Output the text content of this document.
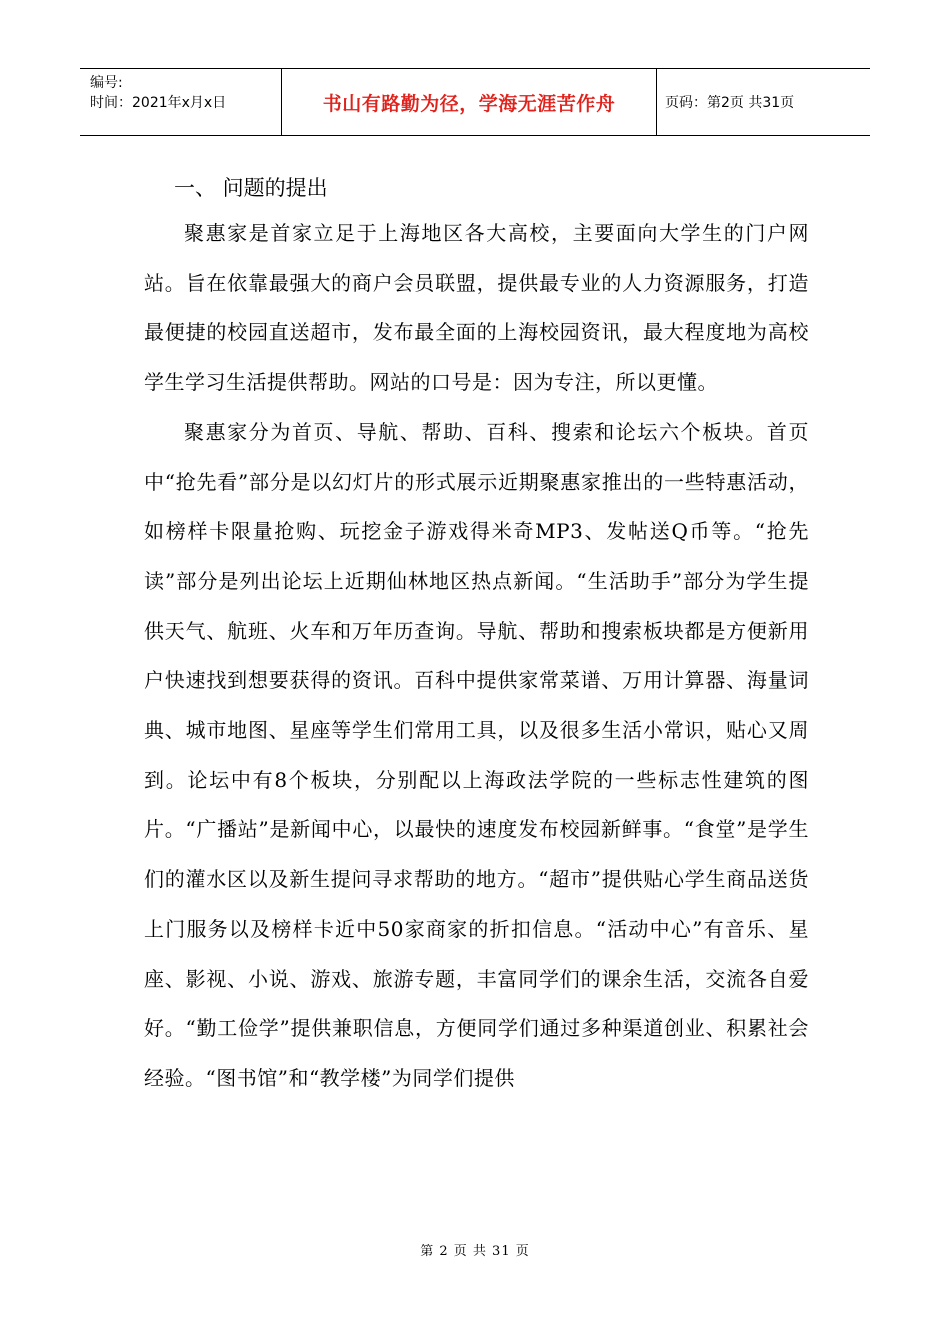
编号:
时间：2021年x月x日	书山有路勤为径，学海无涯苦作舟	页码：第2页 共31页
一、 问题的提出

聚惠家是首家立足于上海地区各大高校，主要面向大学生的门户网站。旨在依靠最强大的商户会员联盟，提供最专业的人力资源服务，打造最便捷的校园直送超市，发布最全面的上海校园资讯，最大程度地为高校学生学习生活提供帮助。网站的口号是：因为专注，所以更懂。

聚惠家分为首页、导航、帮助、百科、搜索和论坛六个板块。首页中“抢先看”部分是以幻灯片的形式展示近期聚惠家推出的一些特惠活动，如榜样卡限量抢购、玩挖金子游戏得米奇MP3、发帖送Q币等。“抢先读”部分是列出论坛上近期仙林地区热点新闻。“生活助手”部分为学生提供天气、航班、火车和万年历查询。导航、帮助和搜索板块都是方便新用户快速找到想要获得的资讯。百科中提供家常菜谱、万用计算器、海量词典、城市地图、星座等学生们常用工具，以及很多生活小常识，贴心又周到。论坛中有8个板块，分别配以上海政法学院的一些标志性建筑的图片。“广播站”是新闻中心，以最快的速度发布校园新鲜事。“食堂”是学生们的灌水区以及新生提问寻求帮助的地方。“超市”提供贴心学生商品送货上门服务以及榜样卡近中50家商家的折扣信息。“活动中心”有音乐、星座、影视、小说、游戏、旅游专题，丰富同学们的课余生活，交流各自爱好。“勤工俭学”提供兼职信息，方便同学们通过多种渠道创业、积累社会经验。“图书馆”和“教学楼”为同学们提供

第 2 页 共 31 页
